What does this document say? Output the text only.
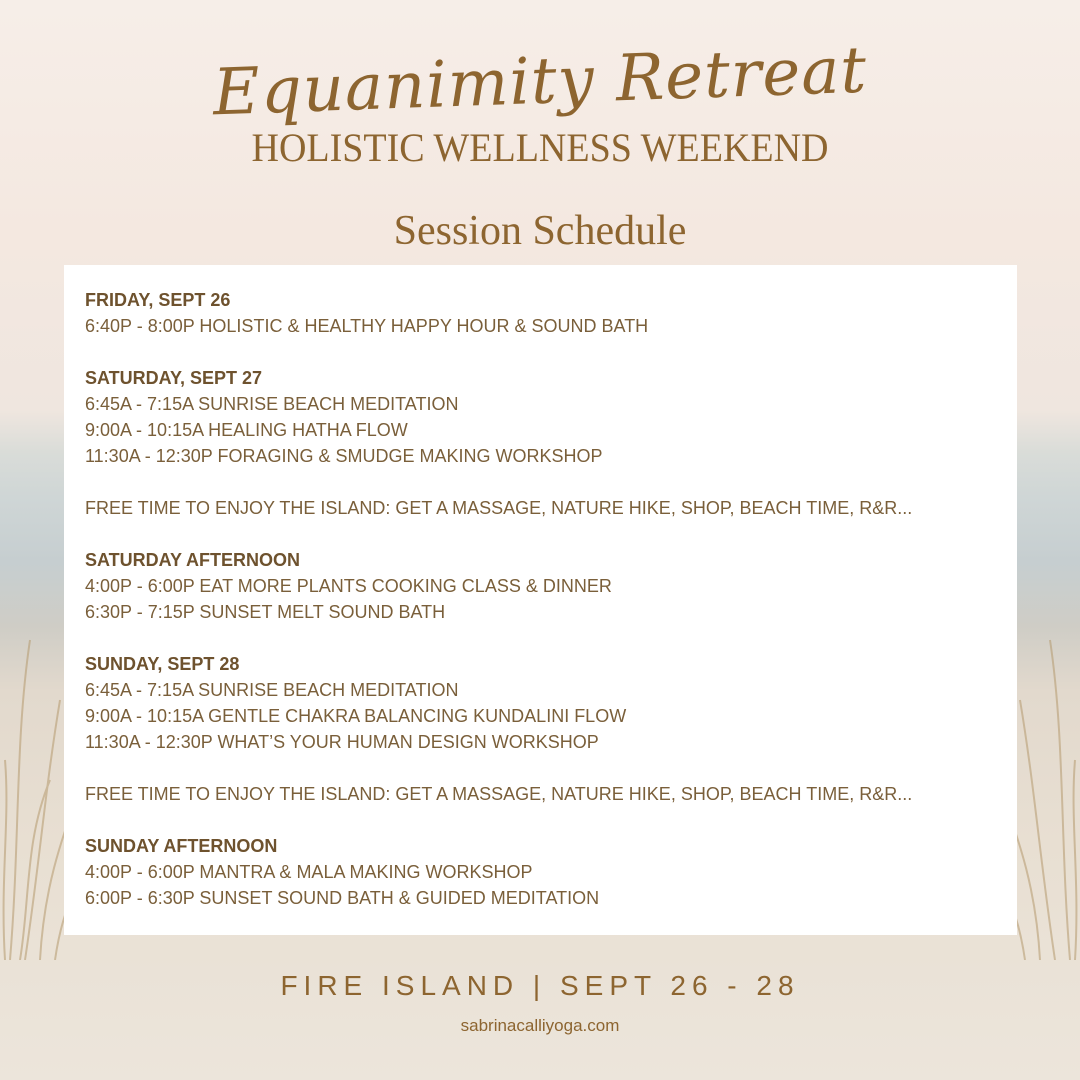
Equanimity Retreat
HOLISTIC WELLNESS WEEKEND
Session Schedule

FRIDAY, SEPT 26

6:40P - 8:00P HOLISTIC & HEALTHY HAPPY HOUR & SOUND BATH

SATURDAY, SEPT 27

6:45A - 7:15A SUNRISE BEACH MEDITATION

9:00A - 10:15A HEALING HATHA FLOW

11:30A - 12:30P FORAGING & SMUDGE MAKING WORKSHOP

FREE TIME TO ENJOY THE ISLAND: GET A MASSAGE, NATURE HIKE, SHOP, BEACH TIME, R&R...

SATURDAY AFTERNOON

4:00P - 6:00P EAT MORE PLANTS COOKING CLASS & DINNER

6:30P - 7:15P SUNSET MELT SOUND BATH

SUNDAY, SEPT 28

6:45A - 7:15A SUNRISE BEACH MEDITATION

9:00A - 10:15A GENTLE CHAKRA BALANCING KUNDALINI FLOW

11:30A - 12:30P WHAT’S YOUR HUMAN DESIGN WORKSHOP

FREE TIME TO ENJOY THE ISLAND: GET A MASSAGE, NATURE HIKE, SHOP, BEACH TIME, R&R...

SUNDAY AFTERNOON

4:00P - 6:00P MANTRA & MALA MAKING WORKSHOP

6:00P - 6:30P SUNSET SOUND BATH & GUIDED MEDITATION

FIRE ISLAND | SEPT 26 - 28
sabrinacalliyoga.com
